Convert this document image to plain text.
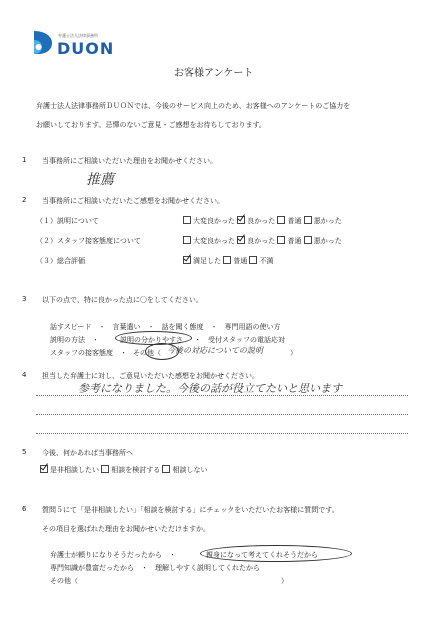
弁護士法人法律事務所
DUON
お客様アンケート
弁護士法人法律事務所ＤＵＯＮでは、今後のサービス向上のため、お客様へのアンケートのご協力を
お願いしております。忌憚のないご意見・ご感想をお待ちしております。
1 当事務所にご相談いただいた理由をお聞かせください。
推薦
2 当事務所にご相談いただいたご感想をお聞かせください。
（１）説明について	大変良かった 良かった 普通 悪かった
（２）スタッフ接客態度について	大変良かった 良かった 普通 悪かった
（３）総合評価	満足した 普通 不満
3 以下の点で、特に良かった点に〇をしてください。
話すスピード　・　言葉遣い　・　話を聞く態度　・　専門用語の使い方
説明の方法　・	説明の分かりやすさ ・　受付スタッフの電話応対
スタッフの接客態度　・ その他（ 今後の対応についての説明	）
4 担当した弁護士に対し、ご意見いただいた感想をお聞かせください。
参考になりました。今後の話が役立てたいと思います
5 今後、何かあれば当事務所へ
是非相談したい 相談を検討する 相談しない
6 質問５にて「是非相談したい」「相談を検討する」にチェックをいただいたお客様に質問です。
その項目を選ばれた理由をお聞かせいただけますか。
弁護士が頼りになりそうだったから　・	親身になって考えてくれそうだから
専門知識が豊富だったから　・　理解しやすく説明してくれたから
その他（　　　　　　　　　　　　　　　　　　　　　　　　　　　　　）
